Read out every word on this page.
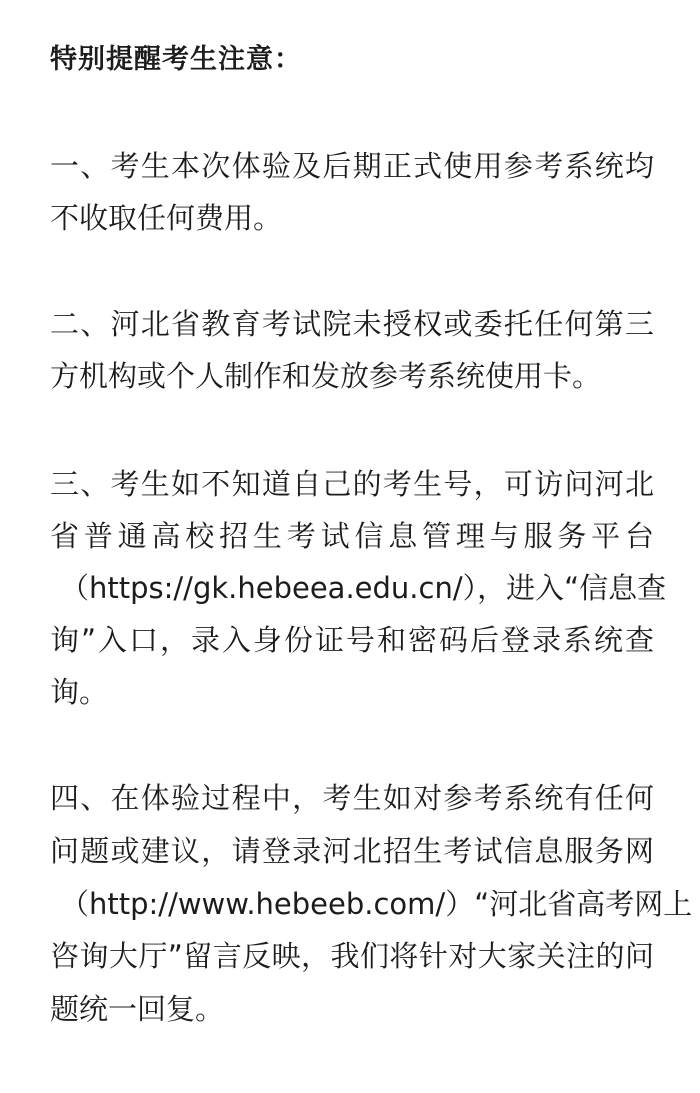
特别提醒考生注意：
一、考生本次体验及后期正式使用参考系统均
不收取任何费用。
二、河北省教育考试院未授权或委托任何第三
方机构或个人制作和发放参考系统使用卡。
三、考生如不知道自己的考生号，可访问河北
省普通高校招生考试信息管理与服务平台
（https://gk.hebeea.edu.cn/），进入“信息查
询”入口，录入身份证号和密码后登录系统查
询。
四、在体验过程中，考生如对参考系统有任何
问题或建议，请登录河北招生考试信息服务网
（http://www.hebeeb.com/）“河北省高考网上
咨询大厅”留言反映，我们将针对大家关注的问
题统一回复。
